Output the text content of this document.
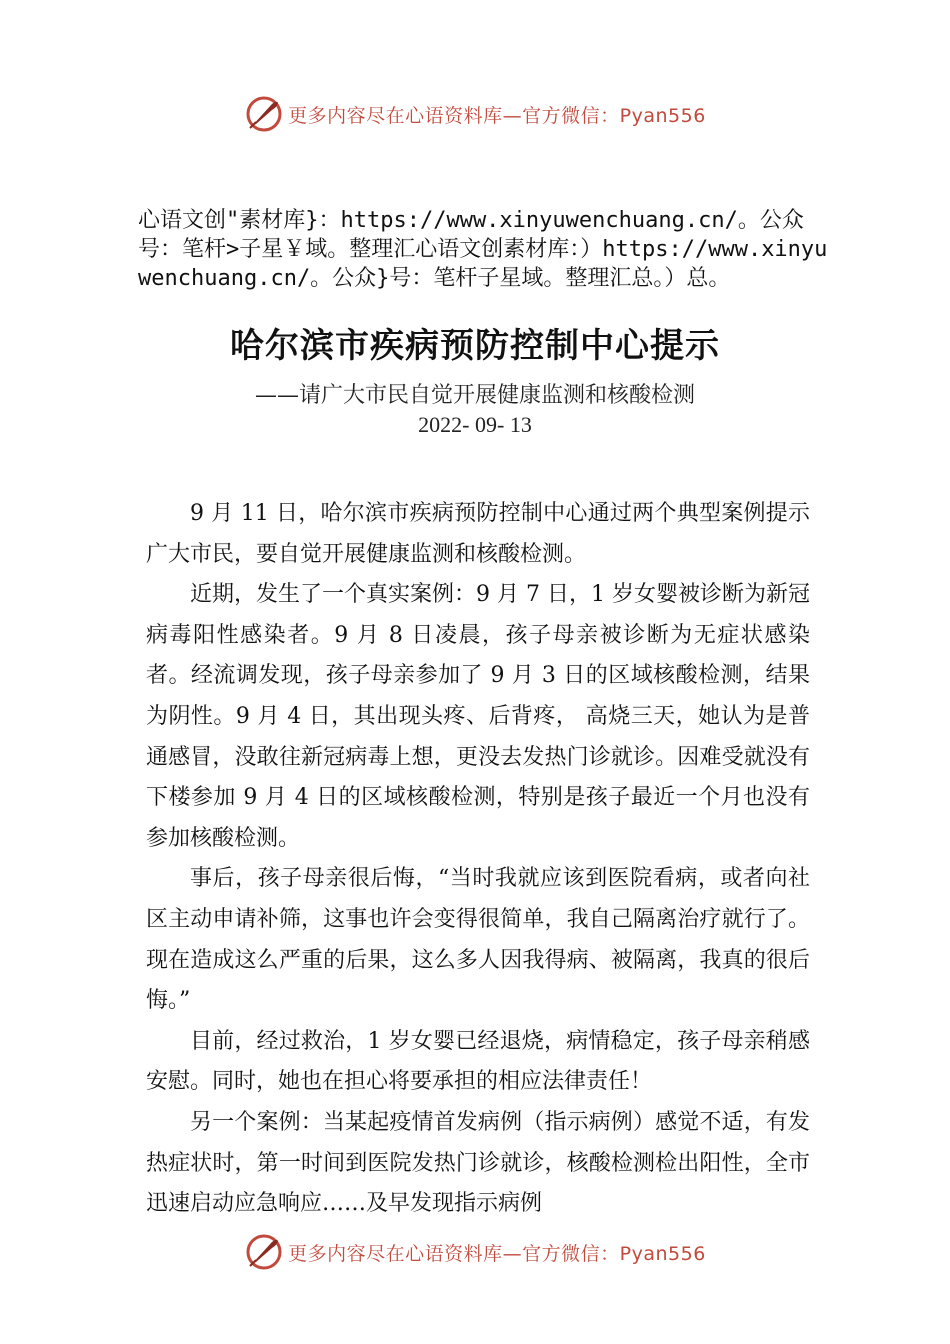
更多内容尽在心语资料库—官方微信：Pyan556
心语文创"素材库}：https://www.xinyuwenchuang.cn/。公众号：笔杆>子星￥域。整理汇心语文创素材库：）https://www.xinyuwenchuang.cn/。公众}号：笔杆子星域。整理汇总。）总。
哈尔滨市疾病预防控制中心提示
——请广大市民自觉开展健康监测和核酸检测
2022- 09- 13

9 月 11 日，哈尔滨市疾病预防控制中心通过两个典型案例提示广大市民，要自觉开展健康监测和核酸检测。

近期，发生了一个真实案例：9 月 7 日，1 岁女婴被诊断为新冠病毒阳性感染者。9 月 8 日凌晨，孩子母亲被诊断为无症状感染者。经流调发现，孩子母亲参加了 9 月 3 日的区域核酸检测，结果为阴性。9 月 4 日，其出现头疼、后背疼， 高烧三天，她认为是普通感冒，没敢往新冠病毒上想，更没去发热门诊就诊。因难受就没有下楼参加 9 月 4 日的区域核酸检测，特别是孩子最近一个月也没有参加核酸检测。

事后，孩子母亲很后悔，“当时我就应该到医院看病，或者向社区主动申请补筛，这事也许会变得很简单，我自己隔离治疗就行了。现在造成这么严重的后果，这么多人因我得病、被隔离，我真的很后悔。”

目前，经过救治，1 岁女婴已经退烧，病情稳定，孩子母亲稍感安慰。同时，她也在担心将要承担的相应法律责任！

另一个案例：当某起疫情首发病例（指示病例）感觉不适，有发热症状时，第一时间到医院发热门诊就诊，核酸检测检出阳性，全市迅速启动应急响应……及早发现指示病例

更多内容尽在心语资料库—官方微信：Pyan556
